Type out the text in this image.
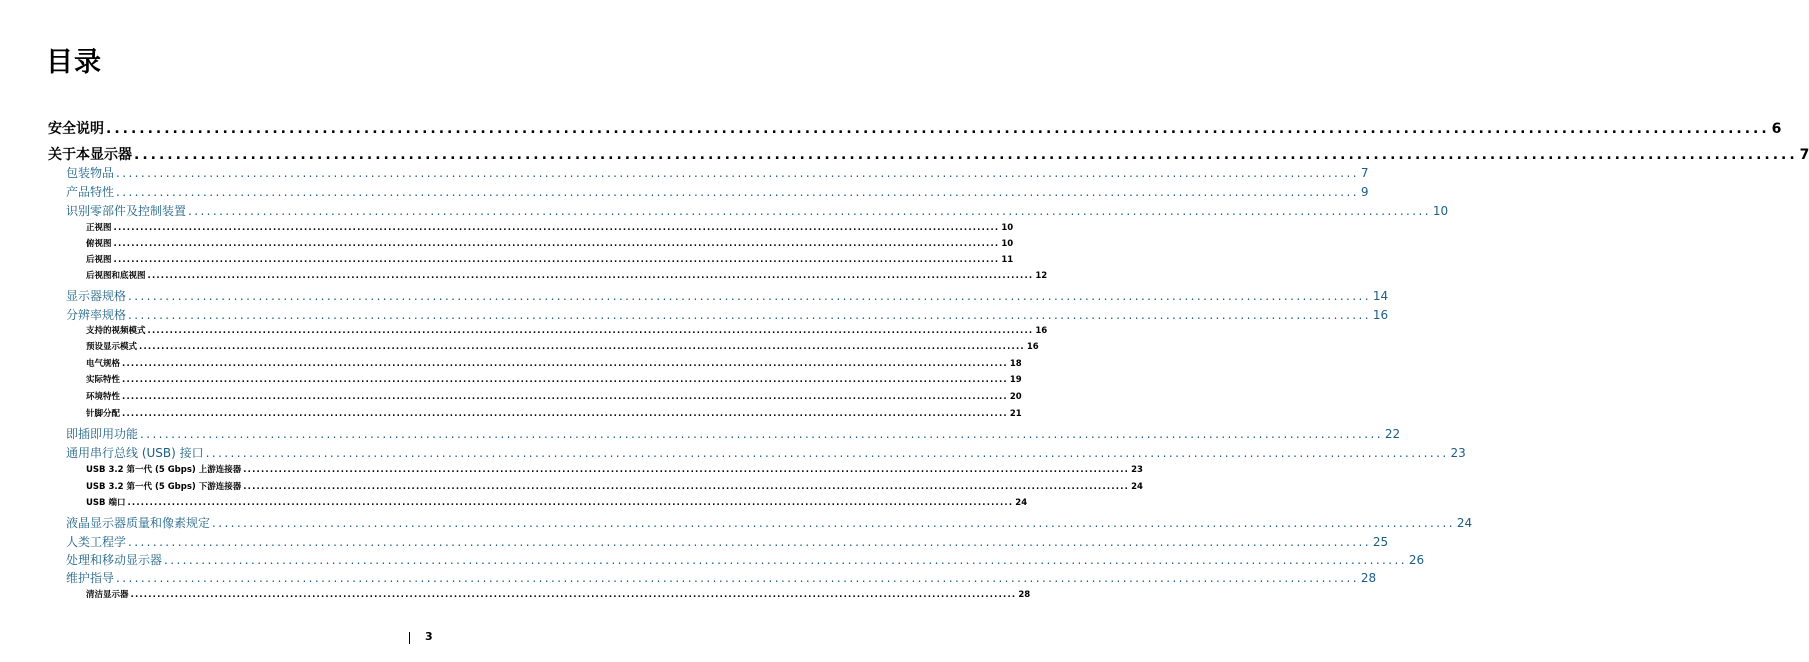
目录
安全说明 ........................................................................................................................................................................................................ 6
关于本显示器 ........................................................................................................................................................................................................ 7
包装物品 ........................................................................................................................................................................................................ 7
产品特性 ........................................................................................................................................................................................................ 9
识别零部件及控制装置 ........................................................................................................................................................................................................ 10
正视图 ........................................................................................................................................................................................................ 10
俯视图 ........................................................................................................................................................................................................ 10
后视图 ........................................................................................................................................................................................................ 11
后视图和底视图 ........................................................................................................................................................................................................ 12
显示器规格 ........................................................................................................................................................................................................ 14
分辨率规格 ........................................................................................................................................................................................................ 16
支持的视频模式 ........................................................................................................................................................................................................ 16
预设显示模式 ........................................................................................................................................................................................................ 16
电气规格 ........................................................................................................................................................................................................ 18
实际特性 ........................................................................................................................................................................................................ 19
环境特性 ........................................................................................................................................................................................................ 20
针脚分配 ........................................................................................................................................................................................................ 21
即插即用功能 ........................................................................................................................................................................................................ 22
通用串行总线 (USB) 接口 ........................................................................................................................................................................................................ 23
USB 3.2 第一代 (5 Gbps) 上游连接器 ........................................................................................................................................................................................................ 23
USB 3.2 第一代 (5 Gbps) 下游连接器 ........................................................................................................................................................................................................ 24
USB 端口 ........................................................................................................................................................................................................ 24
液晶显示器质量和像素规定 ........................................................................................................................................................................................................ 24
人类工程学 ........................................................................................................................................................................................................ 25
处理和移动显示器 ........................................................................................................................................................................................................ 26
维护指导 ........................................................................................................................................................................................................ 28
清洁显示器 ........................................................................................................................................................................................................ 28
3
